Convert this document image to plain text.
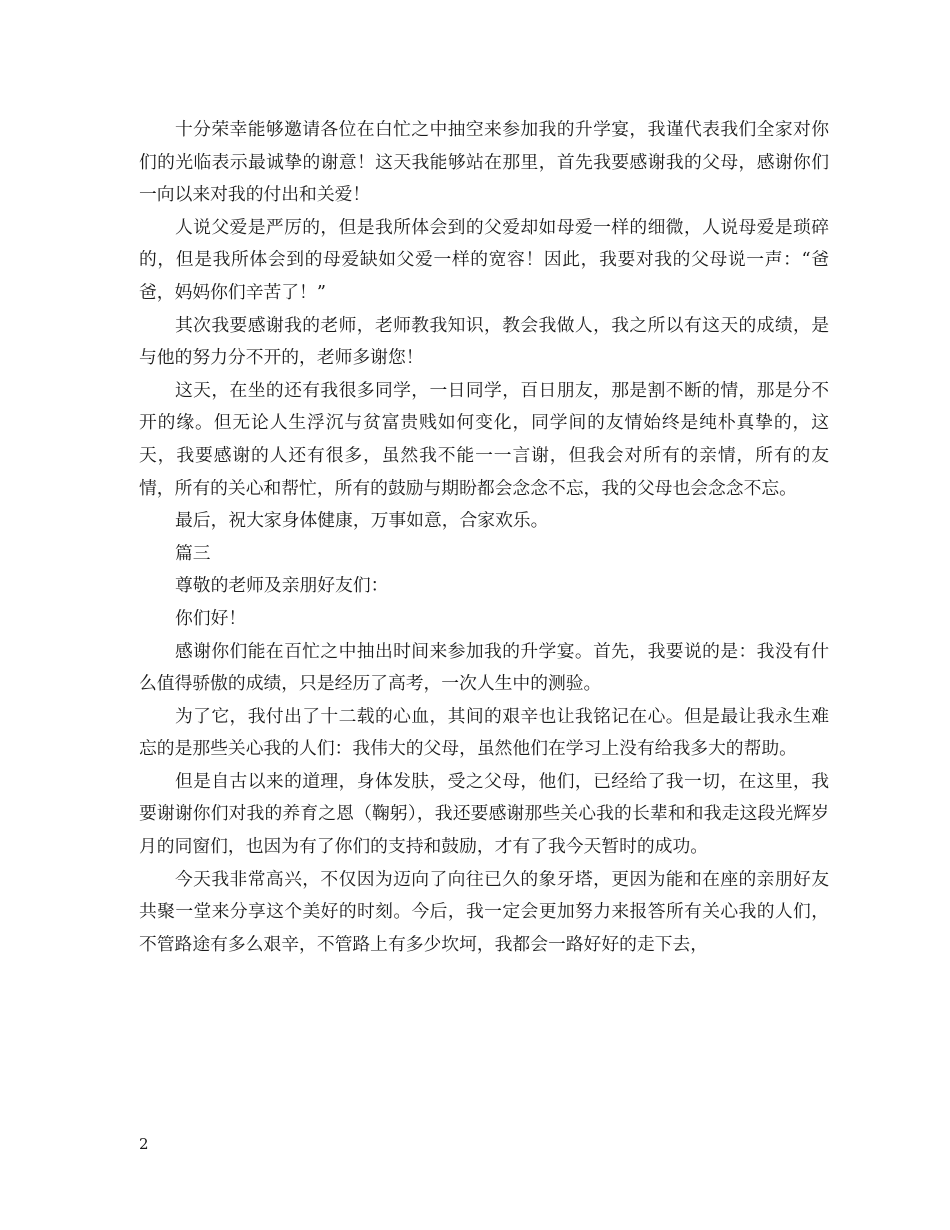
十分荣幸能够邀请各位在白忙之中抽空来参加我的升学宴，我谨代表我们全家对你们的光临表示最诚挚的谢意！这天我能够站在那里，首先我要感谢我的父母，感谢你们一向以来对我的付出和关爱！

人说父爱是严厉的，但是我所体会到的父爱却如母爱一样的细微，人说母爱是琐碎的，但是我所体会到的母爱缺如父爱一样的宽容！因此，我要对我的父母说一声：“爸爸，妈妈你们辛苦了！”

其次我要感谢我的老师，老师教我知识，教会我做人，我之所以有这天的成绩，是与他的努力分不开的，老师多谢您！

这天，在坐的还有我很多同学，一日同学，百日朋友，那是割不断的情，那是分不开的缘。但无论人生浮沉与贫富贵贱如何变化，同学间的友情始终是纯朴真挚的，这天，我要感谢的人还有很多，虽然我不能一一言谢，但我会对所有的亲情，所有的友情，所有的关心和帮忙，所有的鼓励与期盼都会念念不忘，我的父母也会念念不忘。

最后，祝大家身体健康，万事如意，合家欢乐。

篇三

尊敬的老师及亲朋好友们：

你们好！

感谢你们能在百忙之中抽出时间来参加我的升学宴。首先，我要说的是：我没有什么值得骄傲的成绩，只是经历了高考，一次人生中的测验。

为了它，我付出了十二载的心血，其间的艰辛也让我铭记在心。但是最让我永生难忘的是那些关心我的人们：我伟大的父母，虽然他们在学习上没有给我多大的帮助。

但是自古以来的道理，身体发肤，受之父母，他们，已经给了我一切，在这里，我要谢谢你们对我的养育之恩（鞠躬），我还要感谢那些关心我的长辈和和我走这段光辉岁月的同窗们，也因为有了你们的支持和鼓励，才有了我今天暂时的成功。

今天我非常高兴，不仅因为迈向了向往已久的象牙塔，更因为能和在座的亲朋好友共聚一堂来分享这个美好的时刻。今后，我一定会更加努力来报答所有关心我的人们，不管路途有多么艰辛，不管路上有多少坎坷，我都会一路好好的走下去，

2
